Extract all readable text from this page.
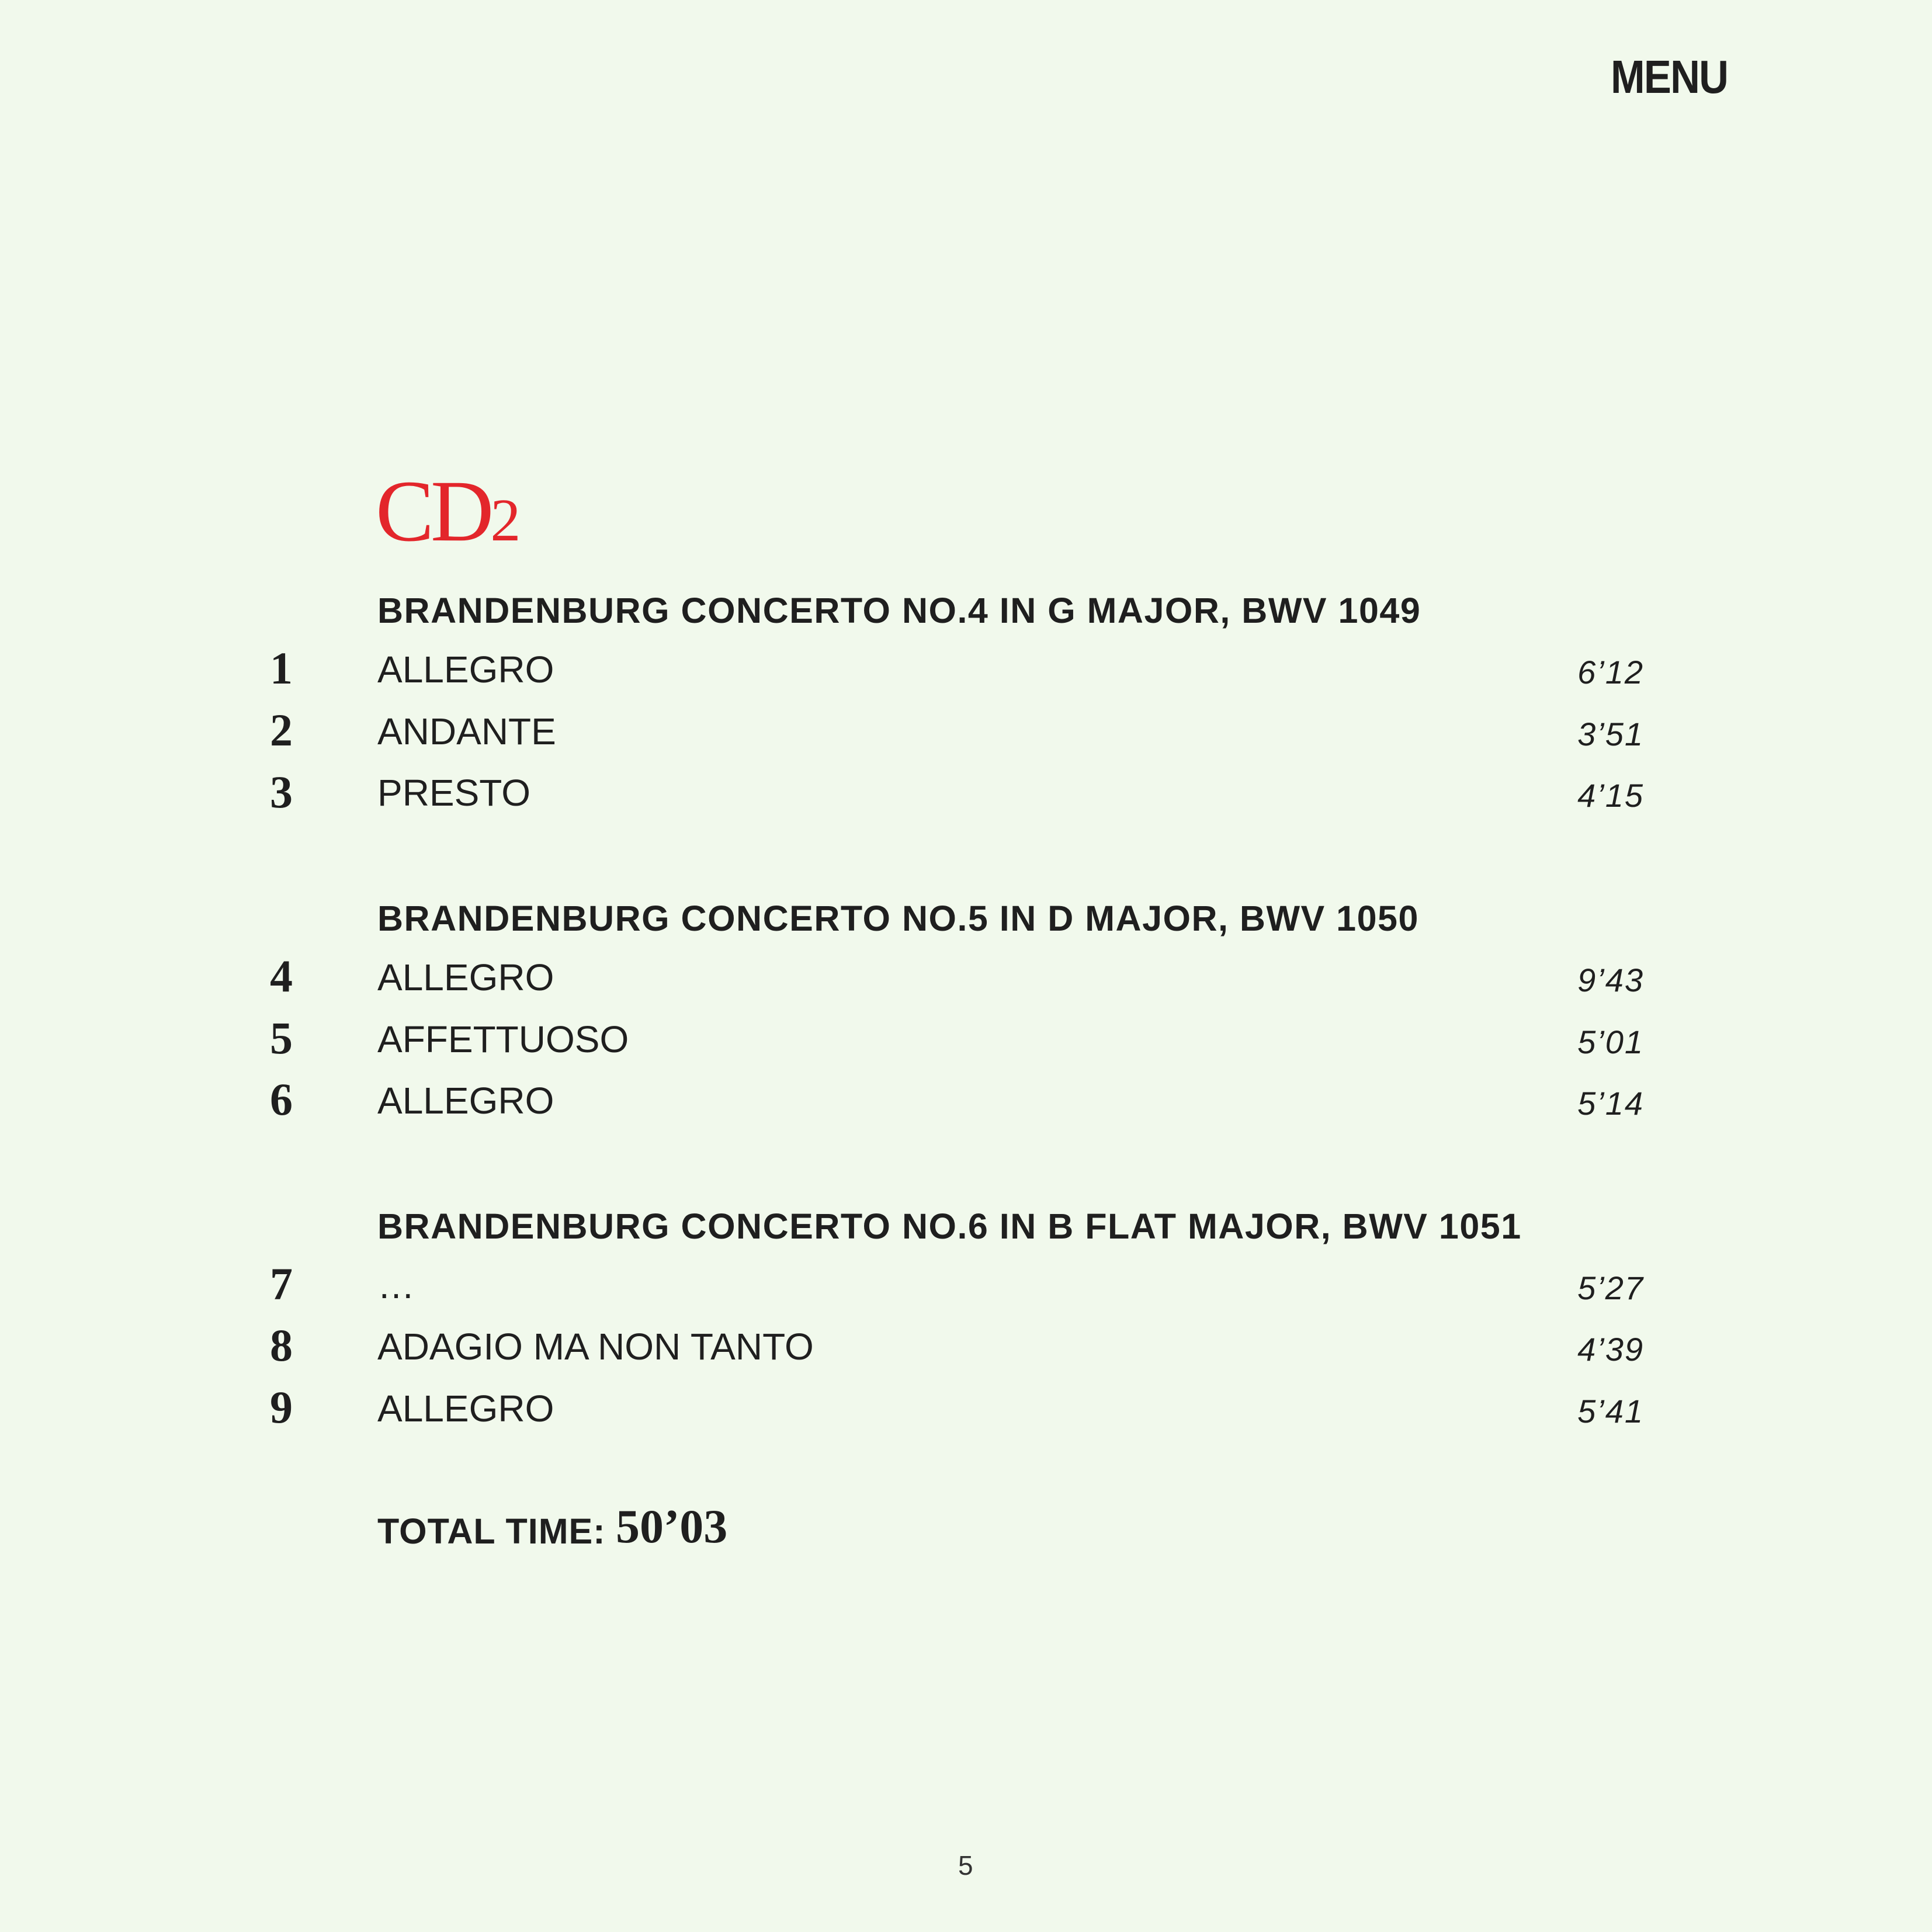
MENU
CD2
BRANDENBURG CONCERTO NO.4 IN G MAJOR, BWV 1049
1 ALLEGRO	6’12
2 ANDANTE	3’51
3 PRESTO	4’15
BRANDENBURG CONCERTO NO.5 IN D MAJOR, BWV 1050
4 ALLEGRO	9’43
5 AFFETTUOSO	5’01
6 ALLEGRO	5’14
BRANDENBURG CONCERTO NO.6 IN B FLAT MAJOR, BWV 1051
7 …	5’27
8 ADAGIO MA NON TANTO	4’39
9 ALLEGRO	5’41
TOTAL TIME: 50’03
5
